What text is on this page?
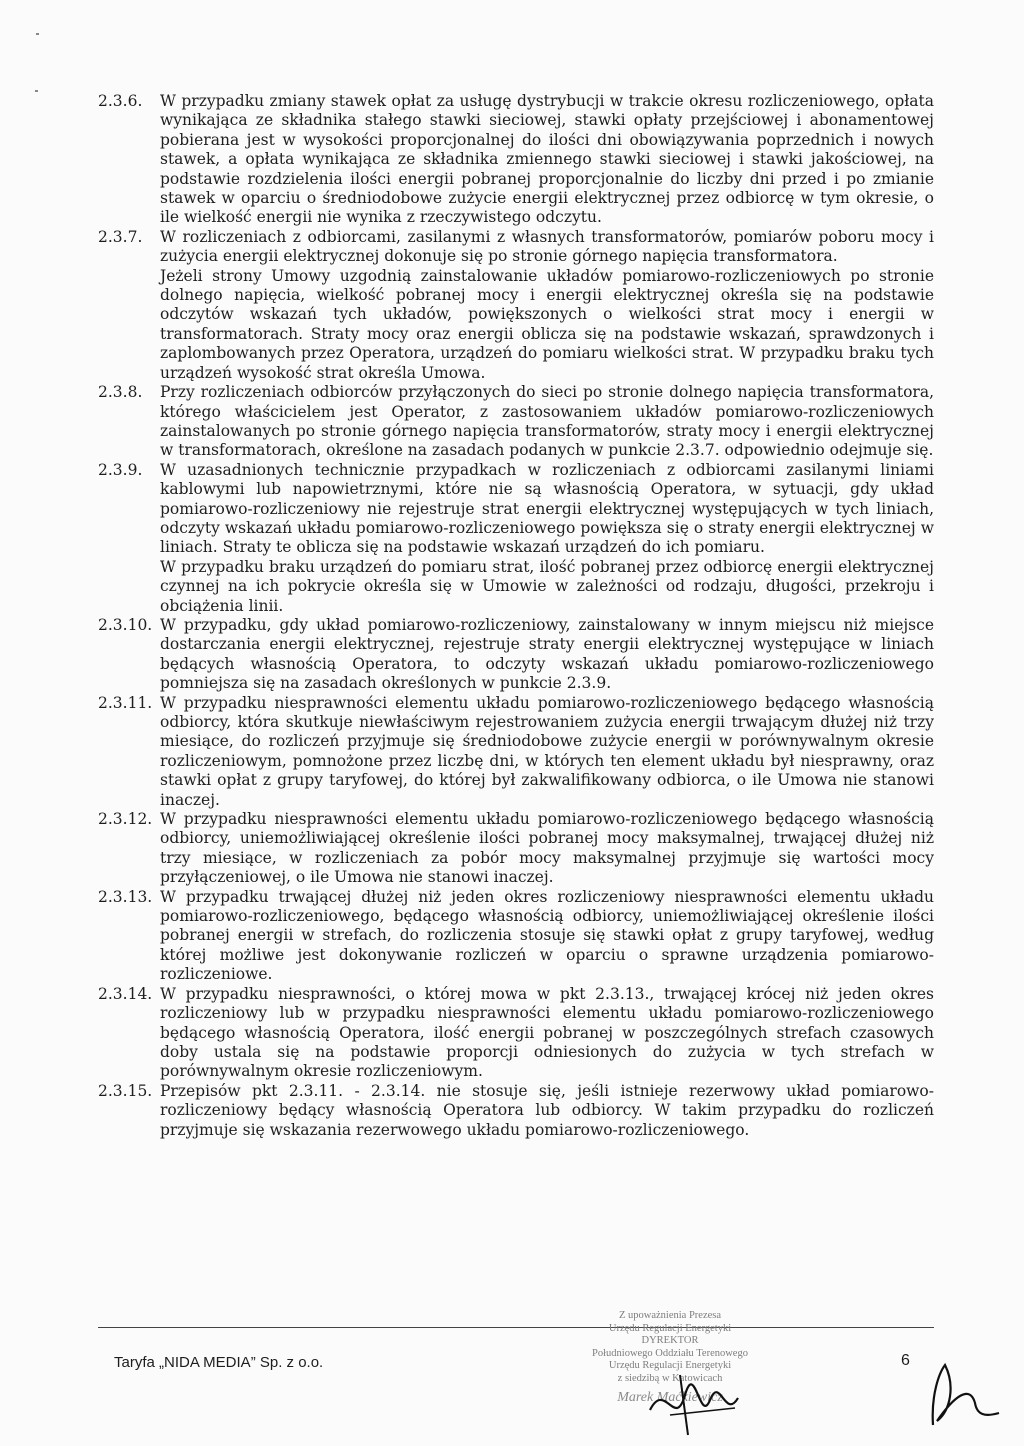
2.3.6.	W przypadku zmiany stawek opłat za usługę dystrybucji w trakcie okresu rozliczeniowego, opłata wynikająca ze składnika stałego stawki sieciowej, stawki opłaty przejściowej i abonamentowej pobierana jest w wysokości proporcjonalnej do ilości dni obowiązywania poprzednich i nowych stawek, a opłata wynikająca ze składnika zmiennego stawki sieciowej i stawki jakościowej, na podstawie rozdzielenia ilości energii pobranej proporcjonalnie do liczby dni przed i po zmianie stawek w oparciu o średniodobowe zużycie energii elektrycznej przez odbiorcę w tym okresie, o ile wielkość energii nie wynika z rzeczywistego odczytu.

2.3.7.	W rozliczeniach z odbiorcami, zasilanymi z własnych transformatorów, pomiarów poboru mocy i zużycia energii elektrycznej dokonuje się po stronie górnego napięcia transformatora.

Jeżeli strony Umowy uzgodnią zainstalowanie układów pomiarowo-rozliczeniowych po stronie dolnego napięcia, wielkość pobranej mocy i energii elektrycznej określa się na podstawie odczytów wskazań tych układów, powiększonych o wielkości strat mocy i energii w transformatorach. Straty mocy oraz energii oblicza się na podstawie wskazań, sprawdzonych i zaplombowanych przez Operatora, urządzeń do pomiaru wielkości strat. W przypadku braku tych urządzeń wysokość strat określa Umowa.

2.3.8.	Przy rozliczeniach odbiorców przyłączonych do sieci po stronie dolnego napięcia transformatora, którego właścicielem jest Operator, z zastosowaniem układów pomiarowo-rozliczeniowych zainstalowanych po stronie górnego napięcia transformatorów, straty mocy i energii elektrycznej w transformatorach, określone na zasadach podanych w punkcie 2.3.7. odpowiednio odejmuje się.

2.3.9.	W uzasadnionych technicznie przypadkach w rozliczeniach z odbiorcami zasilanymi liniami kablowymi lub napowietrznymi, które nie są własnością Operatora, w sytuacji, gdy układ pomiarowo-rozliczeniowy nie rejestruje strat energii elektrycznej występujących w tych liniach, odczyty wskazań układu pomiarowo-rozliczeniowego powiększa się o straty energii elektrycznej w liniach. Straty te oblicza się na podstawie wskazań urządzeń do ich pomiaru.

W przypadku braku urządzeń do pomiaru strat, ilość pobranej przez odbiorcę energii elektrycznej czynnej na ich pokrycie określa się w Umowie w zależności od rodzaju, długości, przekroju i obciążenia linii.

2.3.10. W przypadku, gdy układ pomiarowo-rozliczeniowy, zainstalowany w innym miejscu niż miejsce dostarczania energii elektrycznej, rejestruje straty energii elektrycznej występujące w liniach będących własnością Operatora, to odczyty wskazań układu pomiarowo-rozliczeniowego pomniejsza się na zasadach określonych w punkcie 2.3.9.

2.3.11. W przypadku niesprawności elementu układu pomiarowo-rozliczeniowego będącego własnością odbiorcy, która skutkuje niewłaściwym rejestrowaniem zużycia energii trwającym dłużej niż trzy miesiące, do rozliczeń przyjmuje się średniodobowe zużycie energii w porównywalnym okresie rozliczeniowym, pomnożone przez liczbę dni, w których ten element układu był niesprawny, oraz stawki opłat z grupy taryfowej, do której był zakwalifikowany odbiorca, o ile Umowa nie stanowi inaczej.

2.3.12. W przypadku niesprawności elementu układu pomiarowo-rozliczeniowego będącego własnością odbiorcy, uniemożliwiającej określenie ilości pobranej mocy maksymalnej, trwającej dłużej niż trzy miesiące, w rozliczeniach za pobór mocy maksymalnej przyjmuje się wartości mocy przyłączeniowej, o ile Umowa nie stanowi inaczej.

2.3.13. W przypadku trwającej dłużej niż jeden okres rozliczeniowy niesprawności elementu układu pomiarowo-rozliczeniowego, będącego własnością odbiorcy, uniemożliwiającej określenie ilości pobranej energii w strefach, do rozliczenia stosuje się stawki opłat z grupy taryfowej, według której możliwe jest dokonywanie rozliczeń w oparciu o sprawne urządzenia pomiarowo-rozliczeniowe.

2.3.14. W przypadku niesprawności, o której mowa w pkt 2.3.13., trwającej krócej niż jeden okres rozliczeniowy lub w przypadku niesprawności elementu układu pomiarowo-rozliczeniowego będącego własnością Operatora, ilość energii pobranej w poszczególnych strefach czasowych doby ustala się na podstawie proporcji odniesionych do zużycia w tych strefach w porównywalnym okresie rozliczeniowym.

2.3.15. Przepisów pkt 2.3.11. - 2.3.14. nie stosuje się, jeśli istnieje rezerwowy układ pomiarowo-rozliczeniowy będący własnością Operatora lub odbiorcy. W takim przypadku do rozliczeń przyjmuje się wskazania rezerwowego układu pomiarowo-rozliczeniowego.

Taryfa „NIDA MEDIA” Sp. z o.o.	6
Z upoważnienia Prezesa
Urzędu Regulacji Energetyki
DYREKTOR
Południowego Oddziału Terenowego
Urzędu Regulacji Energetyki
z siedzibą w Katowicach
Marek Maćkiewicz
